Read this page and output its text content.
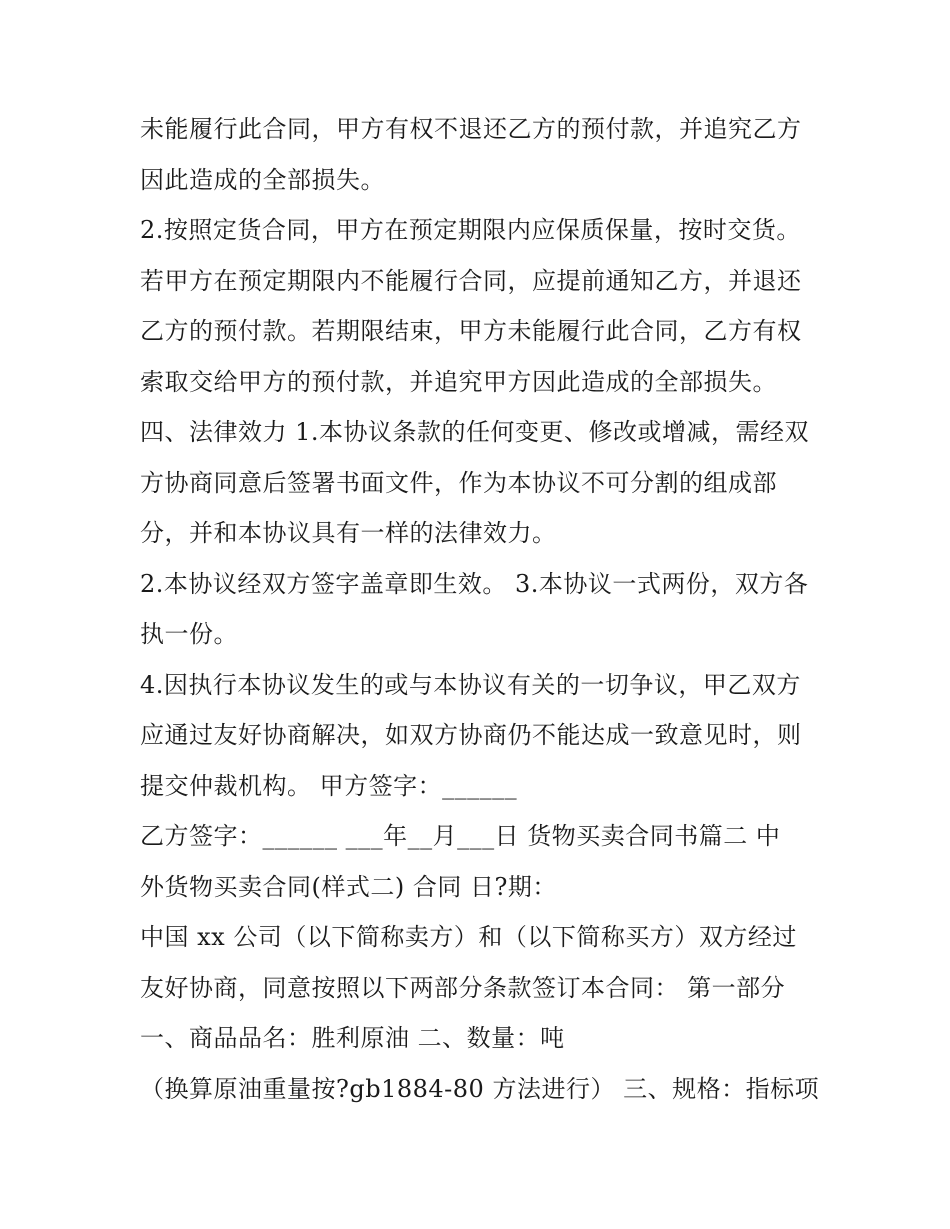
未能履行此合同，甲方有权不退还乙方的预付款，并追究乙方
因此造成的全部损失。
2.按照定货合同，甲方在预定期限内应保质保量，按时交货。
若甲方在预定期限内不能履行合同，应提前通知乙方，并退还
乙方的预付款。若期限结束，甲方未能履行此合同，乙方有权
索取交给甲方的预付款，并追究甲方因此造成的全部损失。
四、法律效力 1.本协议条款的任何变更、修改或增减，需经双
方协商同意后签署书面文件，作为本协议不可分割的组成部
分，并和本协议具有一样的法律效力。
2.本协议经双方签字盖章即生效。 3.本协议一式两份，双方各
执一份。
4.因执行本协议发生的或与本协议有关的一切争议，甲乙双方
应通过友好协商解决，如双方协商仍不能达成一致意见时，则
提交仲裁机构。 甲方签字：______
乙方签字：______ ___年__月___日 货物买卖合同书篇二 中
外货物买卖合同(样式二) 合同 日?期：
中国 xx 公司（以下简称卖方）和（以下简称买方）双方经过
友好协商，同意按照以下两部分条款签订本合同： 第一部分
一、商品品名：胜利原油 二、数量：吨
（换算原油重量按?gb1884-80 方法进行） 三、规格：指标项
